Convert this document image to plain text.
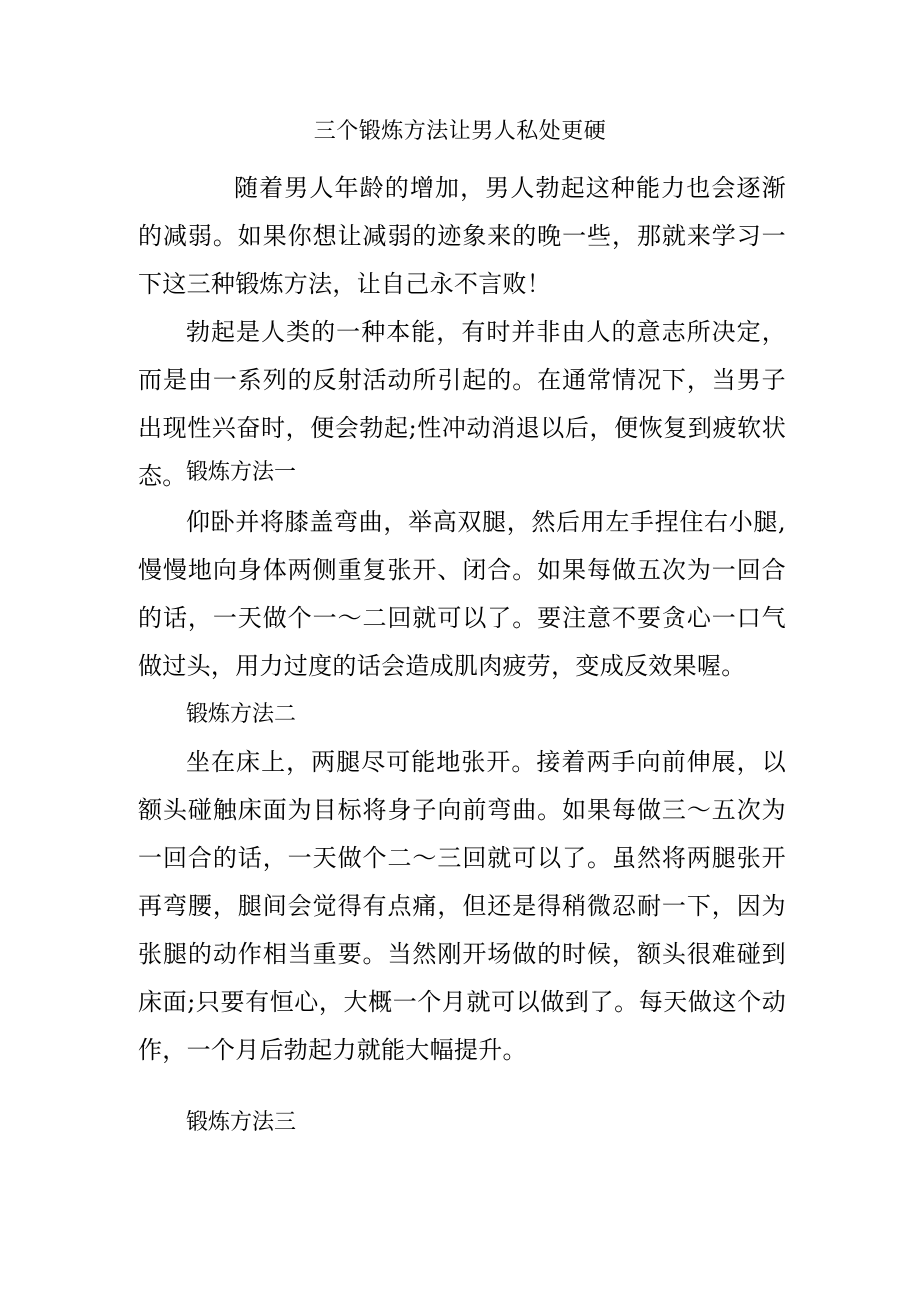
三个锻炼方法让男人私处更硬

随着男人年龄的增加，男人勃起这种能力也会逐渐的减弱。如果你想让减弱的迹象来的晚一些，那就来学习一下这三种锻炼方法，让自己永不言败！

勃起是人类的一种本能，有时并非由人的意志所决定，而是由一系列的反射活动所引起的。在通常情况下，当男子出现性兴奋时，便会勃起;性冲动消退以后，便恢复到疲软状态。 锻炼方法一

仰卧并将膝盖弯曲，举高双腿，然后用左手捏住右小腿,慢慢地向身体两侧重复张开、闭合。如果每做五次为一回合的话，一天做个一～二回就可以了。要注意不要贪心一口气做过头，用力过度的话会造成肌肉疲劳，变成反效果喔。

锻炼方法二

坐在床上，两腿尽可能地张开。接着两手向前伸展，以额头碰触床面为目标将身子向前弯曲。如果每做三～五次为一回合的话，一天做个二～三回就可以了。虽然将两腿张开再弯腰，腿间会觉得有点痛，但还是得稍微忍耐一下，因为张腿的动作相当重要。当然刚开场做的时候，额头很难碰到床面;只要有恒心，大概一个月就可以做到了。每天做这个动作，一个月后勃起力就能大幅提升。

锻炼方法三
